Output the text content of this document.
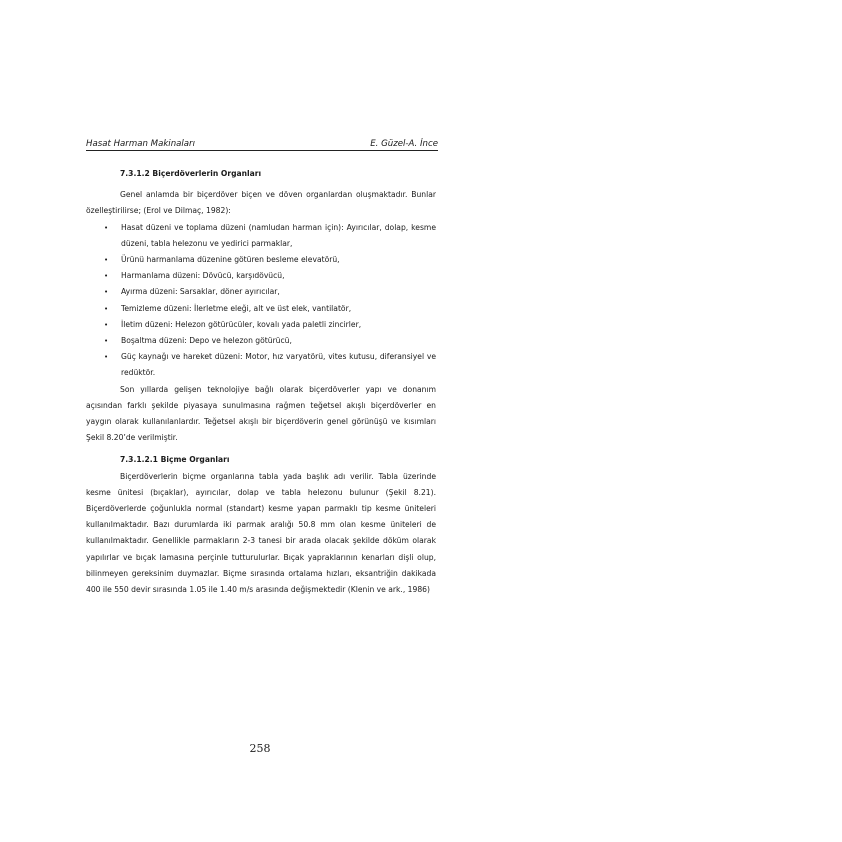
Hasat Harman Makinaları	E. Güzel-A. İnce

7.3.1.2 Biçerdöverlerin Organları

Genel anlamda bir biçerdöver biçen ve döven organlardan oluşmaktadır. Bunlar özelleştirilirse; (Erol ve Dilmaç, 1982):

• Hasat düzeni ve toplama düzeni (namludan harman için): Ayırıcılar, dolap, kesme düzeni, tabla helezonu ve yedirici parmaklar,
• Ürünü harmanlama düzenine götüren besleme elevatörü,
• Harmanlama düzeni: Dövücü, karşıdövücü,
• Ayırma düzeni: Sarsaklar, döner ayırıcılar,
• Temizleme düzeni: İlerletme eleği, alt ve üst elek, vantilatör,
• İletim düzeni: Helezon götürücüler, kovalı yada paletli zincirler,
• Boşaltma düzeni: Depo ve helezon götürücü,
• Güç kaynağı ve hareket düzeni: Motor, hız varyatörü, vites kutusu, diferansiyel ve redüktör.

Son yıllarda gelişen teknolojiye bağlı olarak biçerdöverler yapı ve donanım açısından farklı şekilde piyasaya sunulmasına rağmen teğetsel akışlı biçerdöverler en yaygın olarak kullanılanlardır. Teğetsel akışlı bir biçerdöverin genel görünüşü ve kısımları Şekil 8.20’de verilmiştir.

7.3.1.2.1 Biçme Organları

Biçerdöverlerin biçme organlarına tabla yada başlık adı verilir. Tabla üzerinde kesme ünitesi (bıçaklar), ayırıcılar, dolap ve tabla helezonu bulunur (Şekil 8.21). Biçerdöverlerde çoğunlukla normal (standart) kesme yapan parmaklı tip kesme üniteleri kullanılmaktadır. Bazı durumlarda iki parmak aralığı 50.8 mm olan kesme üniteleri de kullanılmaktadır. Genellikle parmakların 2-3 tanesi bir arada olacak şekilde döküm olarak yapılırlar ve bıçak lamasına perçinle tutturulurlar. Bıçak yapraklarının kenarları dişli olup, bilinmeyen gereksinim duymazlar. Biçme sırasında ortalama hızları, eksantriğin dakikada 400 ile 550 devir sırasında 1.05 ile 1.40 m/s arasında değişmektedir (Klenin ve ark., 1986)

258
